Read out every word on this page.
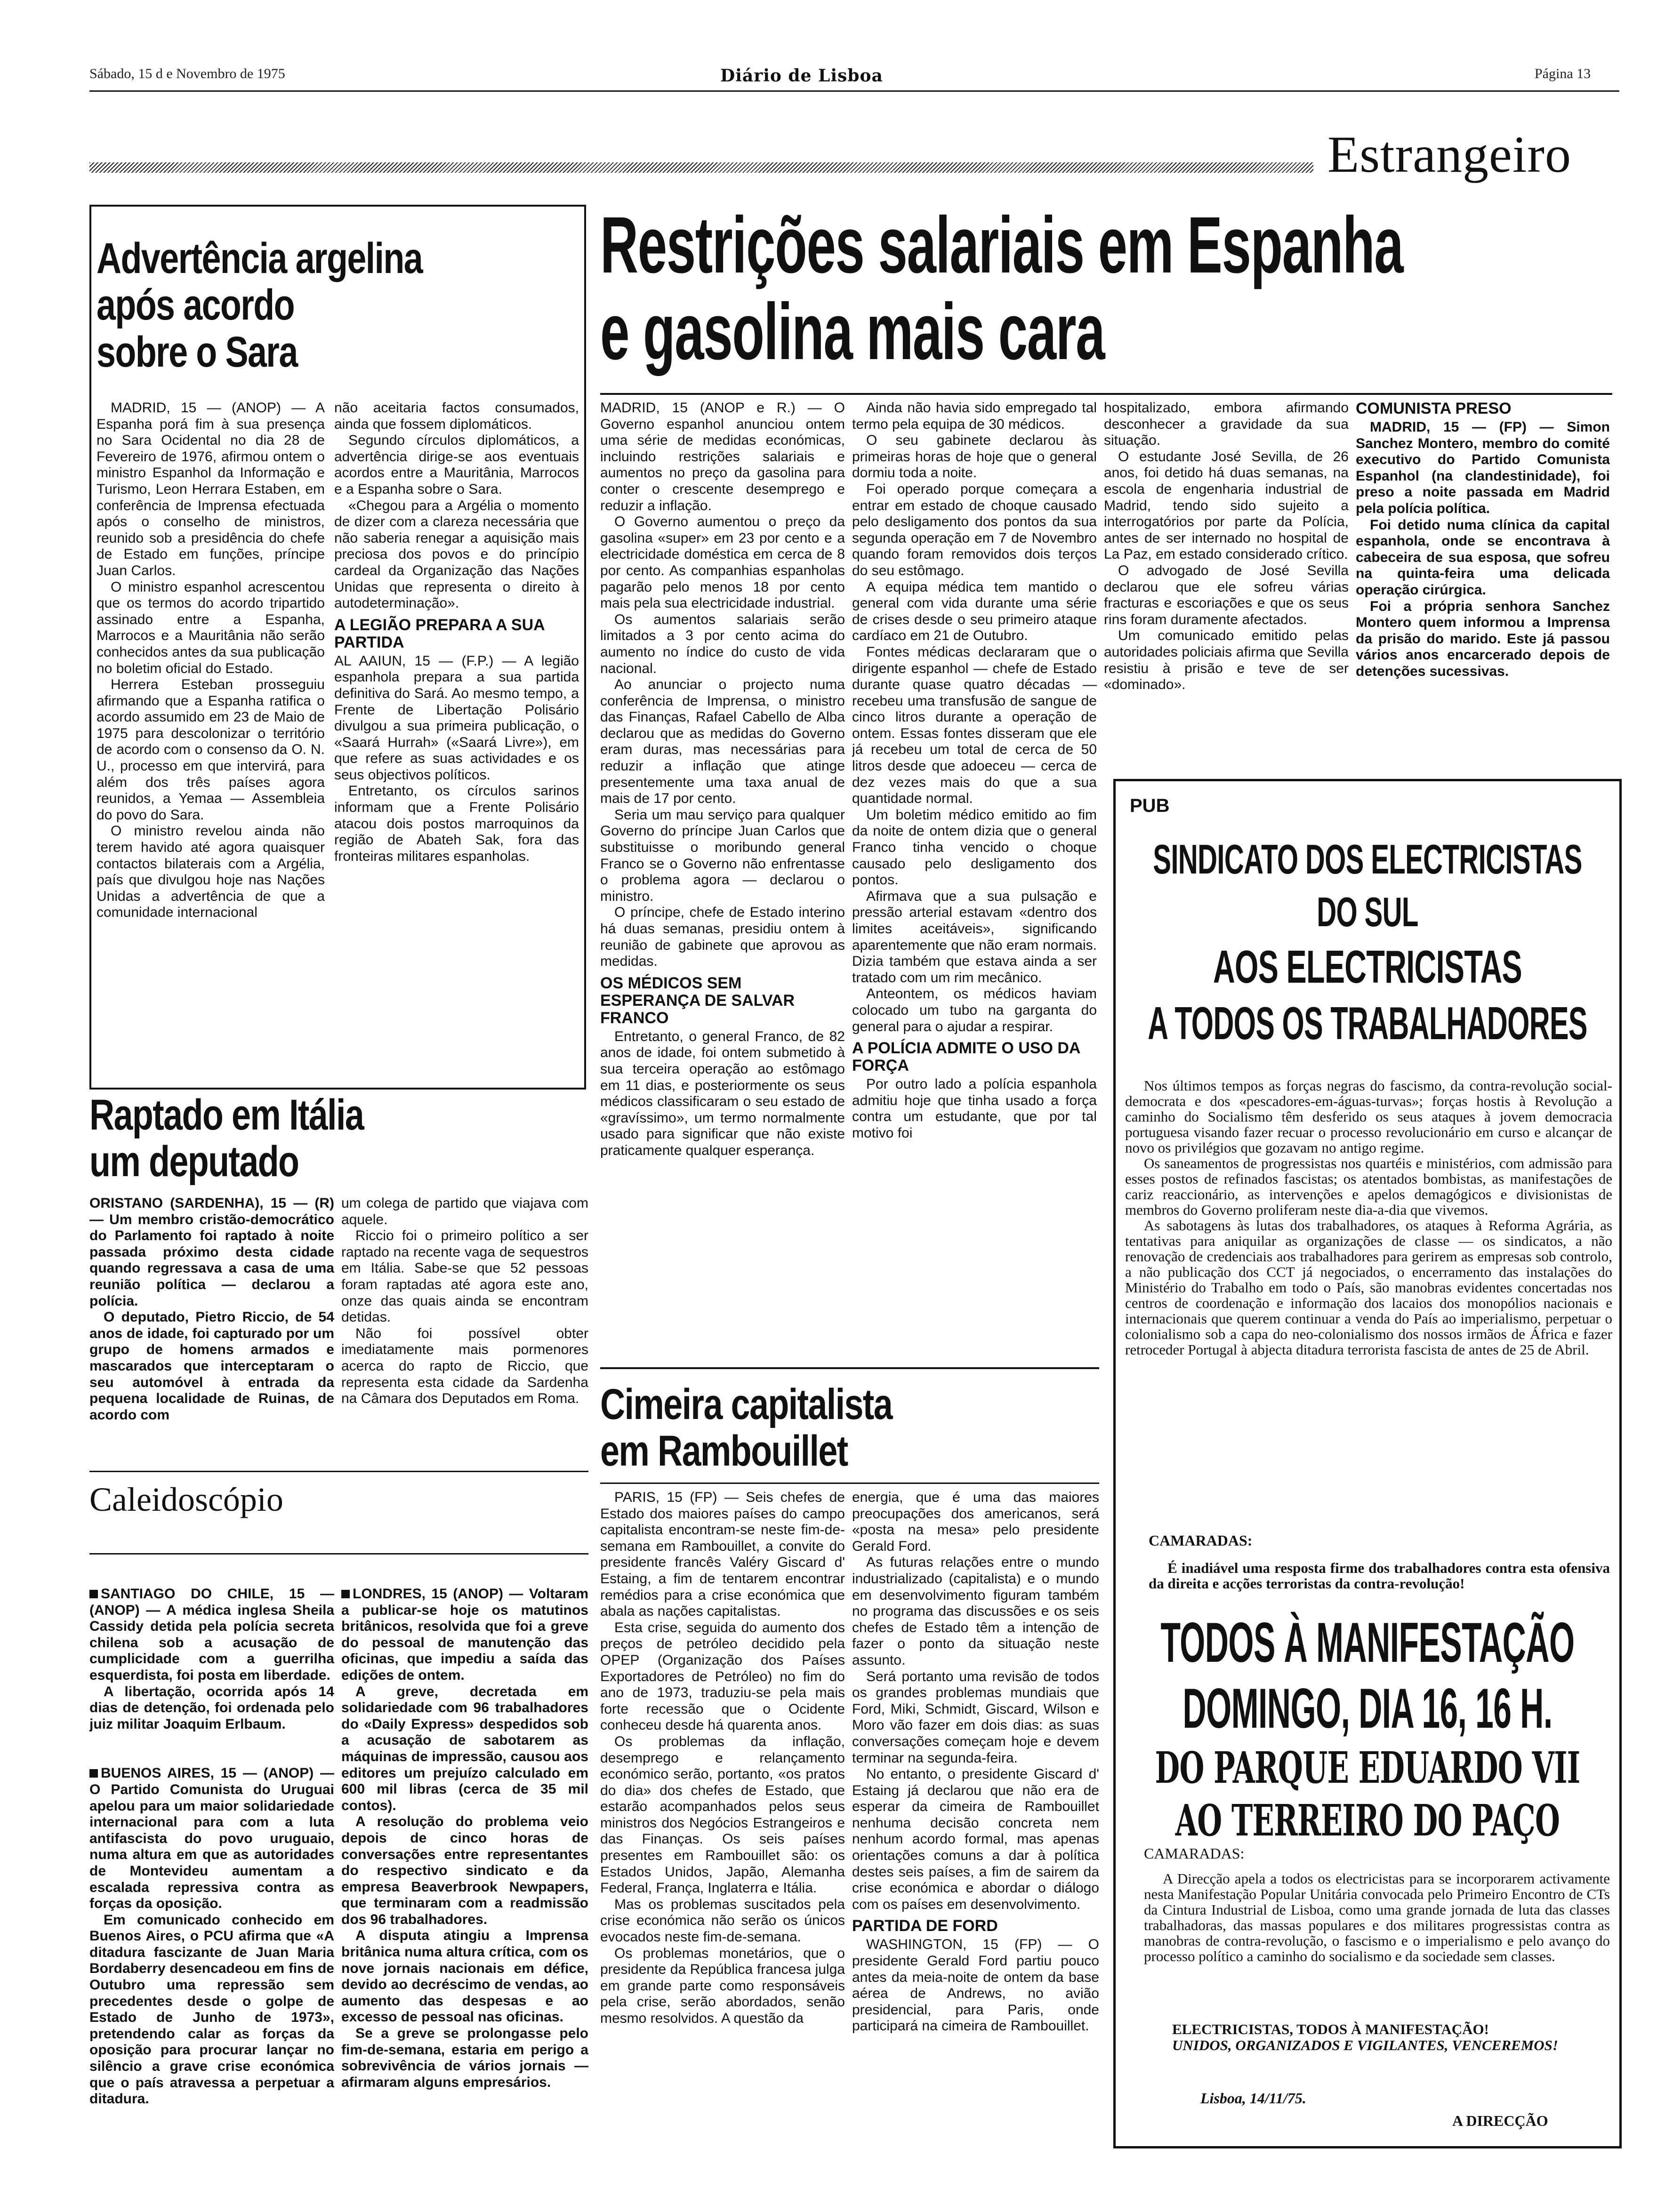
Sábado, 15 d e Novembro de 1975	Diário de Lisboa	Página 13
Estrangeiro
Advertência argelina
após acordo
sobre o Sara

MADRID, 15 — (ANOP) — A Espanha porá fim à sua presença no Sara Ocidental no dia 28 de Fevereiro de 1976, afirmou ontem o ministro Espanhol da Informação e Turismo, Leon Herrara Estaben, em conferência de Imprensa efectuada após o conselho de ministros, reunido sob a presidência do chefe de Estado em funções, príncipe Juan Carlos.

O ministro espanhol acrescentou que os termos do acordo tripartido assinado entre a Espanha, Marrocos e a Mauritânia não serão conhecidos antes da sua publicação no boletim oficial do Estado.

Herrera Esteban prosseguiu afirmando que a Espanha ratifica o acordo assumido em 23 de Maio de 1975 para descolonizar o território de acordo com o consenso da O. N. U., processo em que intervirá, para além dos três países agora reunidos, a Yemaa — Assembleia do povo do Sara.

O ministro revelou ainda não terem havido até agora quaisquer contactos bilaterais com a Argélia, país que divulgou hoje nas Nações Unidas a advertência de que a comunidade internacional

não aceitaria factos consumados, ainda que fossem diplomáticos.

Segundo círculos diplomáticos, a advertência dirige-se aos eventuais acordos entre a Mauritânia, Marrocos e a Espanha sobre o Sara.

«Chegou para a Argélia o momento de dizer com a clareza necessária que não saberia renegar a aquisição mais preciosa dos povos e do princípio cardeal da Organização das Nações Unidas que representa o direito à autodeterminação».

A LEGIÃO PREPARA A SUA PARTIDA

AL AAIUN, 15 — (F.P.) — A legião espanhola prepara a sua partida definitiva do Sará. Ao mesmo tempo, a Frente de Libertação Polisário divulgou a sua primeira publicação, o «Saará Hurrah» («Saará Livre»), em que refere as suas actividades e os seus objectivos políticos.

Entretanto, os círculos sarinos informam que a Frente Polisário atacou dois postos marroquinos da região de Abateh Sak, fora das fronteiras militares espanholas.

Restrições salariais em Espanha
e gasolina mais cara

MADRID, 15 (ANOP e R.) — O Governo espanhol anunciou ontem uma série de medidas económicas, incluindo restrições salariais e aumentos no preço da gasolina para conter o crescente desemprego e reduzir a inflação.

O Governo aumentou o preço da gasolina «super» em 23 por cento e a electricidade doméstica em cerca de 8 por cento. As companhias espanholas pagarão pelo menos 18 por cento mais pela sua electricidade industrial.

Os aumentos salariais serão limitados a 3 por cento acima do aumento no índice do custo de vida nacional.

Ao anunciar o projecto numa conferência de Imprensa, o ministro das Finanças, Rafael Cabello de Alba declarou que as medidas do Governo eram duras, mas necessárias para reduzir a inflação que atinge presentemente uma taxa anual de mais de 17 por cento.

Seria um mau serviço para qualquer Governo do príncipe Juan Carlos que substituisse o moribundo general Franco se o Governo não enfrentasse o problema agora — declarou o ministro.

O príncipe, chefe de Estado interino há duas semanas, presidiu ontem à reunião de gabinete que aprovou as medidas.

OS MÉDICOS SEM ESPERANÇA DE SALVAR FRANCO

Entretanto, o general Franco, de 82 anos de idade, foi ontem submetido à sua terceira operação ao estômago em 11 dias, e posteriormente os seus médicos classificaram o seu estado de «gravíssimo», um termo normalmente usado para significar que não existe praticamente qualquer esperança.

Ainda não havia sido empregado tal termo pela equipa de 30 médicos.

O seu gabinete declarou às primeiras horas de hoje que o general dormiu toda a noite.

Foi operado porque começara a entrar em estado de choque causado pelo desligamento dos pontos da sua segunda operação em 7 de Novembro quando foram removidos dois terços do seu estômago.

A equipa médica tem mantido o general com vida durante uma série de crises desde o seu primeiro ataque cardíaco em 21 de Outubro.

Fontes médicas declararam que o dirigente espanhol — chefe de Estado durante quase quatro décadas — recebeu uma transfusão de sangue de cinco litros durante a operação de ontem. Essas fontes disseram que ele já recebeu um total de cerca de 50 litros desde que adoeceu — cerca de dez vezes mais do que a sua quantidade normal.

Um boletim médico emitido ao fim da noite de ontem dizia que o general Franco tinha vencido o choque causado pelo desligamento dos pontos.

Afirmava que a sua pulsação e pressão arterial estavam «dentro dos limites aceitáveis», significando aparentemente que não eram normais. Dizia também que estava ainda a ser tratado com um rim mecânico.

Anteontem, os médicos haviam colocado um tubo na garganta do general para o ajudar a respirar.

A POLÍCIA ADMITE O USO DA FORÇA

Por outro lado a polícia espanhola admitiu hoje que tinha usado a força contra um estudante, que por tal motivo foi

hospitalizado, embora afirmando desconhecer a gravidade da sua situação.

O estudante José Sevilla, de 26 anos, foi detido há duas semanas, na escola de engenharia industrial de Madrid, tendo sido sujeito a interrogatórios por parte da Polícia, antes de ser internado no hospital de La Paz, em estado considerado crítico.

O advogado de José Sevilla declarou que ele sofreu várias fracturas e escoriações e que os seus rins foram duramente afectados.

Um comunicado emitido pelas autoridades policiais afirma que Sevilla resistiu à prisão e teve de ser «dominado».

COMUNISTA PRESO

MADRID, 15 — (FP) — Simon Sanchez Montero, membro do comité executivo do Partido Comunista Espanhol (na clandestinidade), foi preso a noite passada em Madrid pela polícia política.

Foi detido numa clínica da capital espanhola, onde se encontrava à cabeceira de sua esposa, que sofreu na quinta-feira uma delicada operação cirúrgica.

Foi a própria senhora Sanchez Montero quem informou a Imprensa da prisão do marido. Este já passou vários anos encarcerado depois de detenções sucessivas.

Raptado em Itália
um deputado

ORISTANO (SARDENHA), 15 — (R) — Um membro cristão-democrático do Parlamento foi raptado à noite passada próximo desta cidade quando regressava a casa de uma reunião política — declarou a polícia.

O deputado, Pietro Riccio, de 54 anos de idade, foi capturado por um grupo de homens armados e mascarados que interceptaram o seu automóvel à entrada da pequena localidade de Ruinas, de acordo com

um colega de partido que viajava com aquele.

Riccio foi o primeiro político a ser raptado na recente vaga de sequestros em Itália. Sabe-se que 52 pessoas foram raptadas até agora este ano, onze das quais ainda se encontram detidas.

Não foi possível obter imediatamente mais pormenores acerca do rapto de Riccio, que representa esta cidade da Sardenha na Câmara dos Deputados em Roma.

Caleidoscópio

SANTIAGO DO CHILE, 15 — (ANOP) — A médica inglesa Sheila Cassidy detida pela polícia secreta chilena sob a acusação de cumplicidade com a guerrilha esquerdista, foi posta em liberdade.

A libertação, ocorrida após 14 dias de detenção, foi ordenada pelo juiz militar Joaquim Erlbaum.

BUENOS AIRES, 15 — (ANOP) — O Partido Comunista do Uruguai apelou para um maior solidariedade internacional para com a luta antifascista do povo uruguaio, numa altura em que as autoridades de Montevideu aumentam a escalada repressiva contra as forças da oposição.

Em comunicado conhecido em Buenos Aires, o PCU afirma que «A ditadura fascizante de Juan Maria Bordaberry desencadeou em fins de Outubro uma repressão sem precedentes desde o golpe de Estado de Junho de 1973», pretendendo calar as forças da oposição para procurar lançar no silêncio a grave crise económica que o país atravessa a perpetuar a ditadura.

LONDRES, 15 (ANOP) — Voltaram a publicar-se hoje os matutinos britânicos, resolvida que foi a greve do pessoal de manutenção das oficinas, que impediu a saída das edições de ontem.

A greve, decretada em solidariedade com 96 trabalhadores do «Daily Express» despedidos sob a acusação de sabotarem as máquinas de impressão, causou aos editores um prejuízo calculado em 600 mil libras (cerca de 35 mil contos).

A resolução do problema veio depois de cinco horas de conversações entre representantes do respectivo sindicato e da empresa Beaverbrook Newpapers, que terminaram com a readmissão dos 96 trabalhadores.

A disputa atingiu a Imprensa britânica numa altura crítica, com os nove jornais nacionais em défice, devido ao decréscimo de vendas, ao aumento das despesas e ao excesso de pessoal nas oficinas.

Se a greve se prolongasse pelo fim-de-semana, estaria em perigo a sobrevivência de vários jornais — afirmaram alguns empresários.

Cimeira capitalista
em Rambouillet

PARIS, 15 (FP) — Seis chefes de Estado dos maiores países do campo capitalista encontram-se neste fim-de-semana em Rambouillet, a convite do presidente francês Valéry Giscard d' Estaing, a fim de tentarem encontrar remédios para a crise económica que abala as nações capitalistas.

Esta crise, seguida do aumento dos preços de petróleo decidido pela OPEP (Organização dos Países Exportadores de Petróleo) no fim do ano de 1973, traduziu-se pela mais forte recessão que o Ocidente conheceu desde há quarenta anos.

Os problemas da inflação, desemprego e relançamento económico serão, portanto, «os pratos do dia» dos chefes de Estado, que estarão acompanhados pelos seus ministros dos Negócios Estrangeiros e das Finanças. Os seis países presentes em Rambouillet são: os Estados Unidos, Japão, Alemanha Federal, França, Inglaterra e Itália.

Mas os problemas suscitados pela crise económica não serão os únicos evocados neste fim-de-semana.

Os problemas monetários, que o presidente da República francesa julga em grande parte como responsáveis pela crise, serão abordados, senão mesmo resolvidos. A questão da

energia, que é uma das maiores preocupações dos americanos, será «posta na mesa» pelo presidente Gerald Ford.

As futuras relações entre o mundo industrializado (capitalista) e o mundo em desenvolvimento figuram também no programa das discussões e os seis chefes de Estado têm a intenção de fazer o ponto da situação neste assunto.

Será portanto uma revisão de todos os grandes problemas mundiais que Ford, Miki, Schmidt, Giscard, Wilson e Moro vão fazer em dois dias: as suas conversações começam hoje e devem terminar na segunda-feira.

No entanto, o presidente Giscard d' Estaing já declarou que não era de esperar da cimeira de Rambouillet nenhuma decisão concreta nem nenhum acordo formal, mas apenas orientações comuns a dar à política destes seis países, a fim de sairem da crise económica e abordar o diálogo com os países em desenvolvimento.

PARTIDA DE FORD

WASHINGTON, 15 (FP) — O presidente Gerald Ford partiu pouco antes da meia-noite de ontem da base aérea de Andrews, no avião presidencial, para Paris, onde participará na cimeira de Rambouillet.

PUB
SINDICATO DOS ELECTRICISTAS
DO SUL
AOS ELECTRICISTAS
A TODOS OS TRABALHADORES

Nos últimos tempos as forças negras do fascismo, da contra-revolução social-democrata e dos «pescadores-em-águas-turvas»; forças hostis à Revolução a caminho do Socialismo têm desferido os seus ataques à jovem democracia portuguesa visando fazer recuar o processo revolucionário em curso e alcançar de novo os privilégios que gozavam no antigo regime.

Os saneamentos de progressistas nos quartéis e ministérios, com admissão para esses postos de refinados fascistas; os atentados bombistas, as manifestações de cariz reaccionário, as intervenções e apelos demagógicos e divisionistas de membros do Governo proliferam neste dia-a-dia que vivemos.

As sabotagens às lutas dos trabalhadores, os ataques à Reforma Agrária, as tentativas para aniquilar as organizações de classe — os sindicatos, a não renovação de credenciais aos trabalhadores para gerirem as empresas sob controlo, a não publicação dos CCT já negociados, o encerramento das instalações do Ministério do Trabalho em todo o País, são manobras evidentes concertadas nos centros de coordenação e informação dos lacaios dos monopólios nacionais e internacionais que querem continuar a venda do País ao imperialismo, perpetuar o colonialismo sob a capa do neo-colonialismo dos nossos irmãos de África e fazer retroceder Portugal à abjecta ditadura terrorista fascista de antes de 25 de Abril.

CAMARADAS:
É inadiável uma resposta firme dos trabalhadores contra esta ofensiva da direita e acções terroristas da contra-revolução!
TODOS À MANIFESTAÇÃO
DOMINGO, DIA 16, 16 H.
DO PARQUE EDUARDO VII
AO TERREIRO DO PAÇO
CAMARADAS:

A Direcção apela a todos os electricistas para se incorporarem activamente nesta Manifestação Popular Unitária convocada pelo Primeiro Encontro de CTs da Cintura Industrial de Lisboa, como uma grande jornada de luta das classes trabalhadoras, das massas populares e dos militares progressistas contra as manobras de contra-revolução, o fascismo e o imperialismo e pelo avanço do processo político a caminho do socialismo e da sociedade sem classes.

ELECTRICISTAS, TODOS À MANIFESTAÇÃO!
UNIDOS, ORGANIZADOS E VIGILANTES, VENCEREMOS!
Lisboa, 14/11/75.
A DIRECÇÃO
